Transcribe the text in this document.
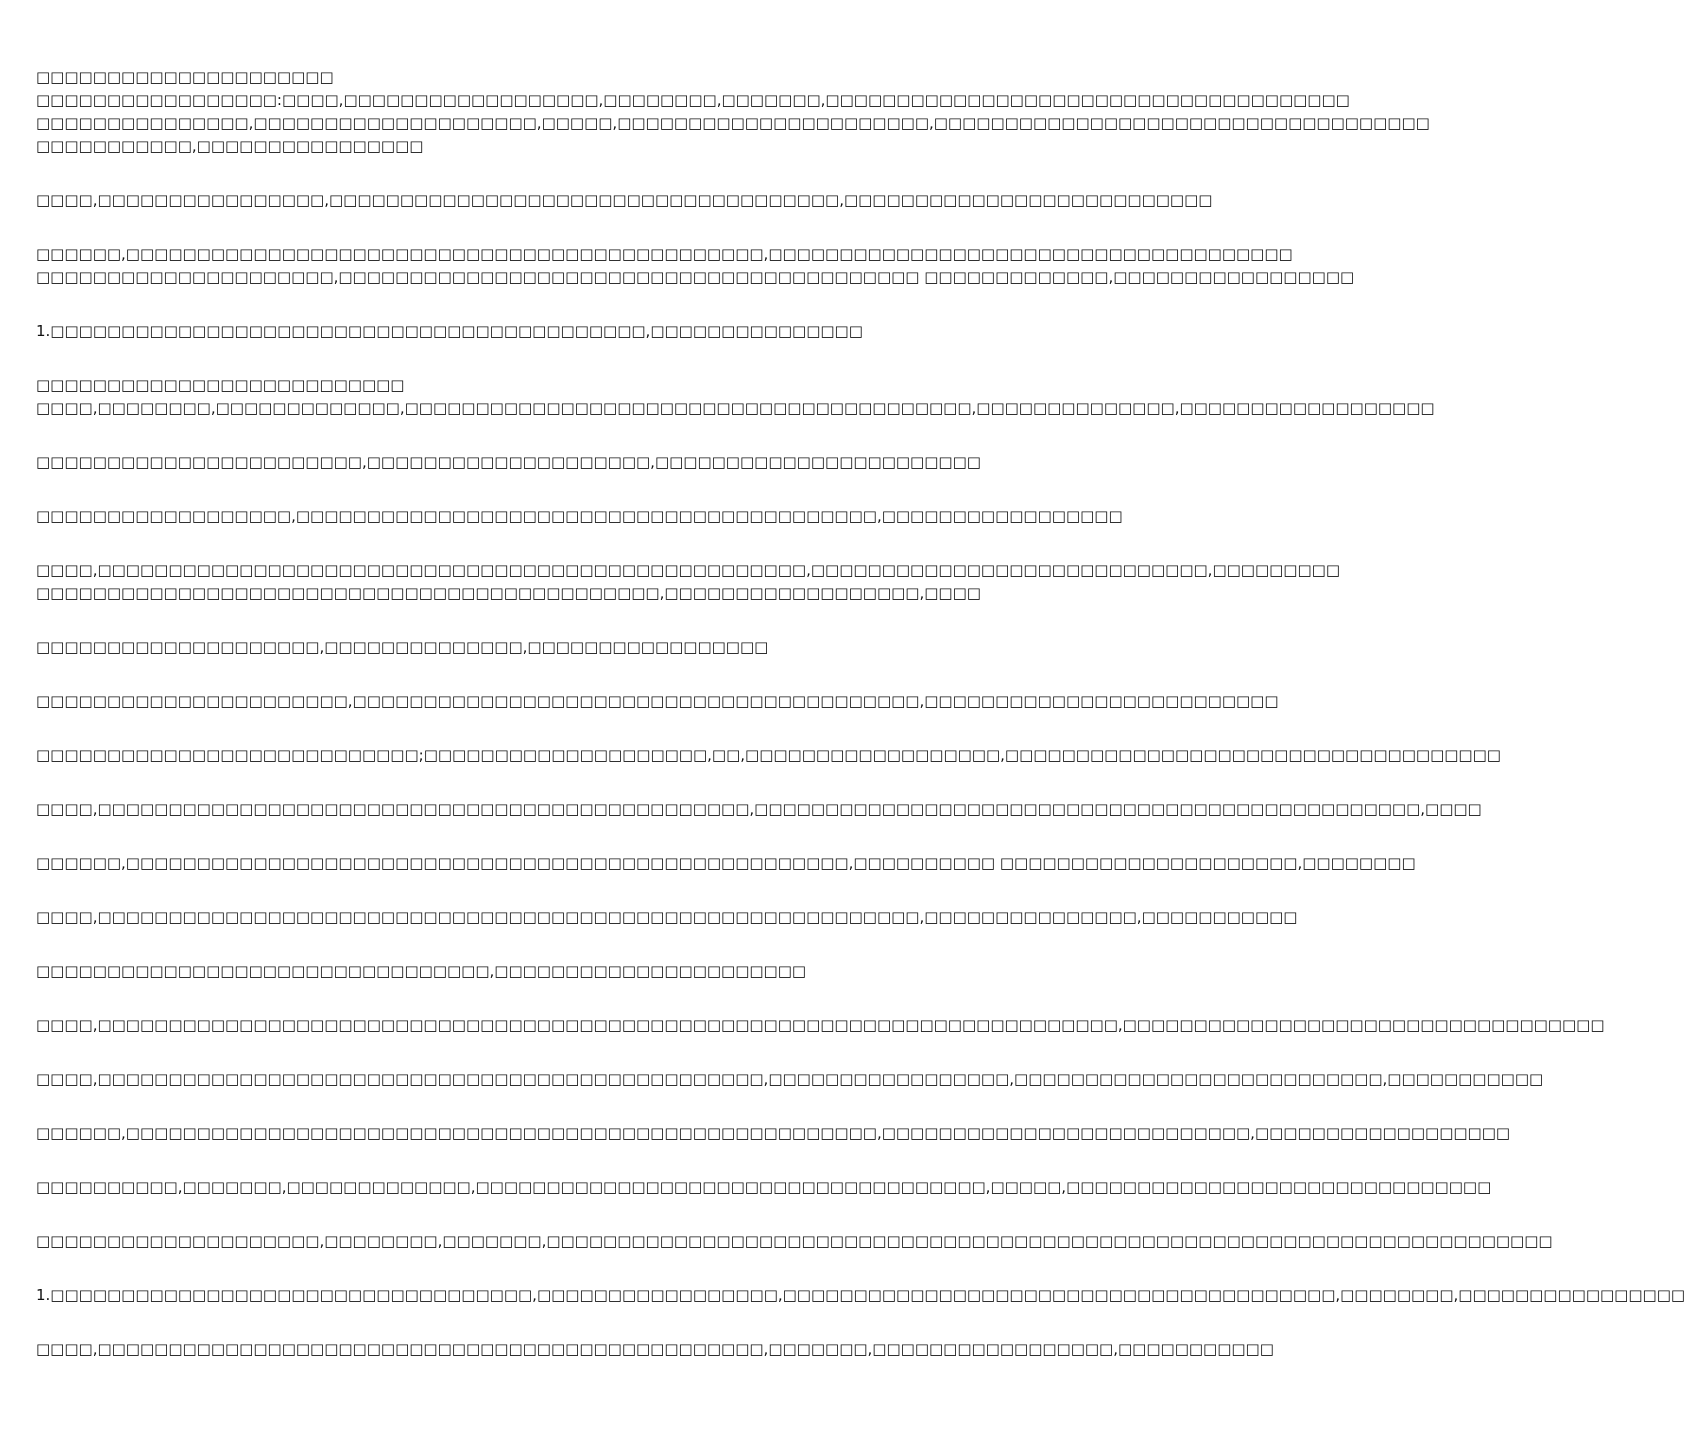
□□□□□□□□□□□□□□□□□□□□□

□□□□□□□□□□□□□□□□□:□□□□,□□□□□□□□□□□□□□□□□□,□□□□□□□□,□□□□□□□,□□□□□□□□□□□□□□□□□□□□□□□□□□□□□□□□□□□□□
□□□□□□□□□□□□□□□,□□□□□□□□□□□□□□□□□□□□,□□□□□,□□□□□□□□□□□□□□□□□□□□□□,□□□□□□□□□□□□□□□□□□□□□□□□□□□□□□□□□□□
□□□□□□□□□□□,□□□□□□□□□□□□□□□□

□□□□,□□□□□□□□□□□□□□□□,□□□□□□□□□□□□□□□□□□□□□□□□□□□□□□□□□□□□,□□□□□□□□□□□□□□□□□□□□□□□□□□

□□□□□□,□□□□□□□□□□□□□□□□□□□□□□□□□□□□□□□□□□□□□□□□□□□□□,□□□□□□□□□□□□□□□□□□□□□□□□□□□□□□□□□□□□□
□□□□□□□□□□□□□□□□□□□□□,□□□□□□□□□□□□□□□□□□□□□□□□□□□□□□□□□□□□□□□□□ □□□□□□□□□□□□□,□□□□□□□□□□□□□□□□□

1.□□□□□□□□□□□□□□□□□□□□□□□□□□□□□□□□□□□□□□□□□□,□□□□□□□□□□□□□□□

□□□□□□□□□□□□□□□□□□□□□□□□□□

□□□□,□□□□□□□□,□□□□□□□□□□□□□,□□□□□□□□□□□□□□□□□□□□□□□□□□□□□□□□□□□□□□□□,□□□□□□□□□□□□□□,□□□□□□□□□□□□□□□□□□

□□□□□□□□□□□□□□□□□□□□□□□,□□□□□□□□□□□□□□□□□□□□,□□□□□□□□□□□□□□□□□□□□□□□

□□□□□□□□□□□□□□□□□□,□□□□□□□□□□□□□□□□□□□□□□□□□□□□□□□□□□□□□□□□□,□□□□□□□□□□□□□□□□□

□□□□,□□□□□□□□□□□□□□□□□□□□□□□□□□□□□□□□□□□□□□□□□□□□□□□□□□,□□□□□□□□□□□□□□□□□□□□□□□□□□□□,□□□□□□□□□
□□□□□□□□□□□□□□□□□□□□□□□□□□□□□□□□□□□□□□□□□□□□,□□□□□□□□□□□□□□□□□□,□□□□

□□□□□□□□□□□□□□□□□□□□,□□□□□□□□□□□□□□,□□□□□□□□□□□□□□□□□

□□□□□□□□□□□□□□□□□□□□□□,□□□□□□□□□□□□□□□□□□□□□□□□□□□□□□□□□□□□□□□□,□□□□□□□□□□□□□□□□□□□□□□□□□

□□□□□□□□□□□□□□□□□□□□□□□□□□□;□□□□□□□□□□□□□□□□□□□□,□□,□□□□□□□□□□□□□□□□□□,□□□□□□□□□□□□□□□□□□□□□□□□□□□□□□□□□□□

□□□□,□□□□□□□□□□□□□□□□□□□□□□□□□□□□□□□□□□□□□□□□□□□□□□,□□□□□□□□□□□□□□□□□□□□□□□□□□□□□□□□□□□□□□□□□□□□□□□,□□□□

□□□□□□,□□□□□□□□□□□□□□□□□□□□□□□□□□□□□□□□□□□□□□□□□□□□□□□□□□□,□□□□□□□□□□ □□□□□□□□□□□□□□□□□□□□□,□□□□□□□□

□□□□,□□□□□□□□□□□□□□□□□□□□□□□□□□□□□□□□□□□□□□□□□□□□□□□□□□□□□□□□□□,□□□□□□□□□□□□□□□,□□□□□□□□□□□

□□□□□□□□□□□□□□□□□□□□□□□□□□□□□□□□,□□□□□□□□□□□□□□□□□□□□□□

□□□□,□□□□□□□□□□□□□□□□□□□□□□□□□□□□□□□□□□□□□□□□□□□□□□□□□□□□□□□□□□□□□□□□□□□□□□□□,□□□□□□□□□□□□□□□□□□□□□□□□□□□□□□□□□□

□□□□,□□□□□□□□□□□□□□□□□□□□□□□□□□□□□□□□□□□□□□□□□□□□□□□,□□□□□□□□□□□□□□□□□,□□□□□□□□□□□□□□□□□□□□□□□□□□,□□□□□□□□□□□

□□□□□□,□□□□□□□□□□□□□□□□□□□□□□□□□□□□□□□□□□□□□□□□□□□□□□□□□□□□□,□□□□□□□□□□□□□□□□□□□□□□□□□□,□□□□□□□□□□□□□□□□□□

□□□□□□□□□□,□□□□□□□,□□□□□□□□□□□□□,□□□□□□□□□□□□□□□□□□□□□□□□□□□□□□□□□□□□,□□□□□,□□□□□□□□□□□□□□□□□□□□□□□□□□□□□□

□□□□□□□□□□□□□□□□□□□□,□□□□□□□□,□□□□□□□,□□□□□□□□□□□□□□□□□□□□□□□□□□□□□□□□□□□□□□□□□□□□□□□□□□□□□□□□□□□□□□□□□□□□□□□

1.□□□□□□□□□□□□□□□□□□□□□□□□□□□□□□□□□□,□□□□□□□□□□□□□□□□□,□□□□□□□□□□□□□□□□□□□□□□□□□□□□□□□□□□□□□□□,□□□□□□□□,□□□□□□□□□□□□□□□□

□□□□,□□□□□□□□□□□□□□□□□□□□□□□□□□□□□□□□□□□□□□□□□□□□□□□,□□□□□□□,□□□□□□□□□□□□□□□□□,□□□□□□□□□□□
